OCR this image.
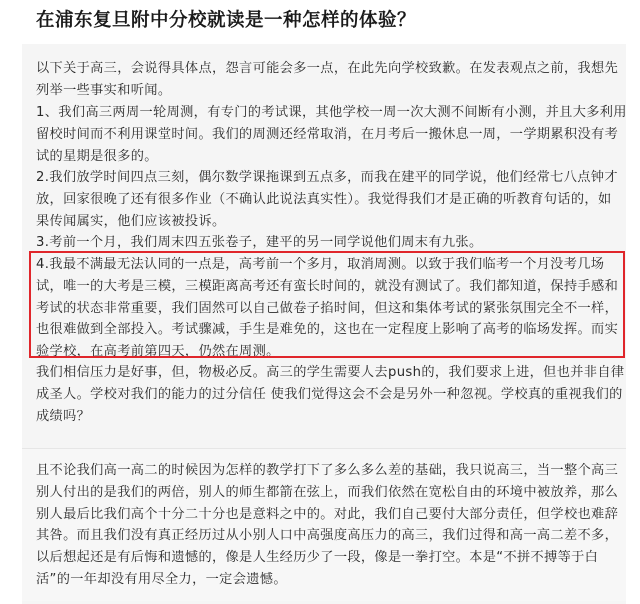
在浦东复旦附中分校就读是一种怎样的体验？
以下关于高三，会说得具体点，怨言可能会多一点，在此先向学校致歉。在发表观点之前，我想先
列举一些事实和听闻。
1、我们高三两周一轮周测，有专门的考试课，其他学校一周一次大测不间断有小测，并且大多利用
留校时间而不利用课堂时间。我们的周测还经常取消，在月考后一搬休息一周，一学期累积没有考
试的星期是很多的。
2.我们放学时间四点三刻，偶尔数学课拖课到五点多，而我在建平的同学说，他们经常七八点钟才
放，回家很晚了还有很多作业（不确认此说法真实性）。我觉得我们才是正确的听教育句话的，如
果传闻属实，他们应该被投诉。
3.考前一个月，我们周末四五张卷子，建平的另一同学说他们周末有九张。
4.我最不满最无法认同的一点是，高考前一个多月，取消周测。以致于我们临考一个月没考几场
试，唯一的大考是三模，三模距离高考还有蛮长时间的，就没有测试了。我们都知道，保持手感和
考试的状态非常重要，我们固然可以自己做卷子掐时间，但这和集体考试的紧张氛围完全不一样，
也很难做到全部投入。考试骤减，手生是难免的，这也在一定程度上影响了高考的临场发挥。而实
验学校，在高考前第四天，仍然在周测。
我们相信压力是好事，但，物极必反。高三的学生需要人去push的，我们要求上进，但也并非自律
成圣人。学校对我们的能力的过分信任 使我们觉得这会不会是另外一种忽视。学校真的重视我们的
成绩吗？
且不论我们高一高二的时候因为怎样的教学打下了多么多么差的基础，我只说高三，当一整个高三
别人付出的是我们的两倍，别人的师生都箭在弦上，而我们依然在宽松自由的环境中被放养，那么
别人最后比我们高个十分二十分也是意料之中的。对此，我们自己要付大部分责任，但学校也难辞
其咎。而且我们没有真正经历过从小别人口中高强度高压力的高三，我们过得和高一高二差不多，
以后想起还是有后悔和遗憾的，像是人生经历少了一段，像是一拳打空。本是“不拼不搏等于白
活”的一年却没有用尽全力，一定会遗憾。
